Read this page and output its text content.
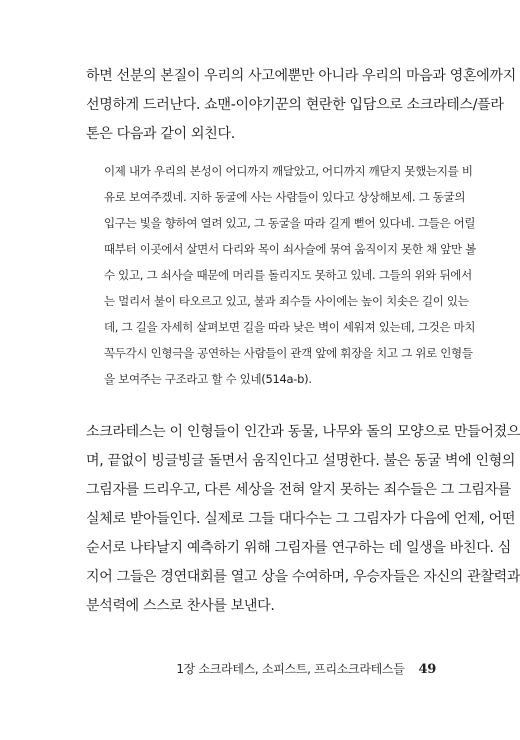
하면 선분의 본질이 우리의 사고에뿐만 아니라 우리의 마음과 영혼에까지
선명하게 드러난다. 쇼맨-이야기꾼의 현란한 입담으로 소크라테스/플라
톤은 다음과 같이 외친다.
이제 내가 우리의 본성이 어디까지 깨달았고, 어디까지 깨닫지 못했는지를 비
유로 보여주겠네. 지하 동굴에 사는 사람들이 있다고 상상해보세. 그 동굴의
입구는 빛을 향하여 열려 있고, 그 동굴을 따라 길게 뻗어 있다네. 그들은 어릴
때부터 이곳에서 살면서 다리와 목이 쇠사슬에 묶여 움직이지 못한 채 앞만 볼
수 있고, 그 쇠사슬 때문에 머리를 돌리지도 못하고 있네. 그들의 위와 뒤에서
는 멀리서 불이 타오르고 있고, 불과 죄수들 사이에는 높이 치솟은 길이 있는
데, 그 길을 자세히 살펴보면 길을 따라 낮은 벽이 세워져 있는데, 그것은 마치
꼭두각시 인형극을 공연하는 사람들이 관객 앞에 휘장을 치고 그 위로 인형들
을 보여주는 구조라고 할 수 있네(514a-b).
소크라테스는 이 인형들이 인간과 동물, 나무와 돌의 모양으로 만들어졌으
며, 끝없이 빙글빙글 돌면서 움직인다고 설명한다. 불은 동굴 벽에 인형의
그림자를 드리우고, 다른 세상을 전혀 알지 못하는 죄수들은 그 그림자를
실체로 받아들인다. 실제로 그들 대다수는 그 그림자가 다음에 언제, 어떤
순서로 나타날지 예측하기 위해 그림자를 연구하는 데 일생을 바친다. 심
지어 그들은 경연대회를 열고 상을 수여하며, 우승자들은 자신의 관찰력과
분석력에 스스로 찬사를 보낸다.
1장 소크라테스, 소피스트, 프리소크라테스들 49
